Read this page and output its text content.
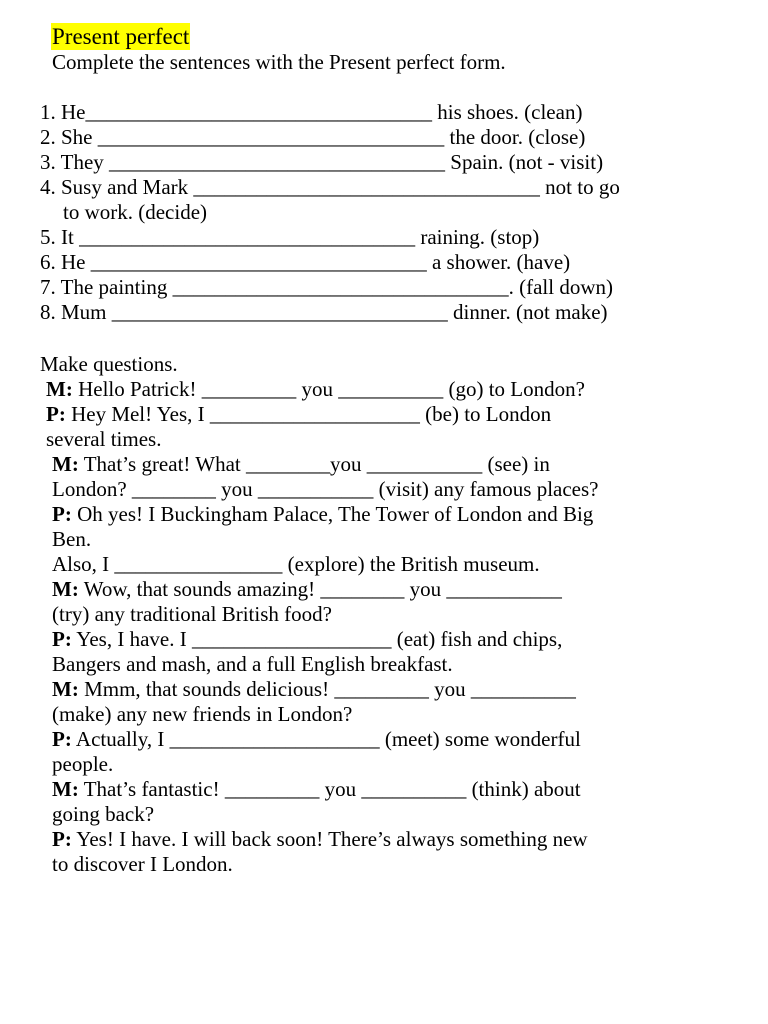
Present perfect
Complete the sentences with the Present perfect form.
1. He_________________________________ his shoes. (clean)
2. She _________________________________ the door. (close)
3. They ________________________________ Spain. (not - visit)
4. Susy and Mark _________________________________ not to go
to work. (decide)
5. It ________________________________ raining. (stop)
6. He ________________________________ a shower. (have)
7. The painting ________________________________. (fall down)
8. Mum ________________________________ dinner. (not make)
Make questions.
M: Hello Patrick! _________ you __________ (go) to London?
P: Hey Mel! Yes, I ____________________ (be) to London
several times.
M: That’s great! What ________you ___________ (see) in
London? ________ you ___________ (visit) any famous places?
P: Oh yes! I Buckingham Palace, The Tower of London and Big
Ben.
Also, I ________________ (explore) the British museum.
M: Wow, that sounds amazing! ________ you ___________
(try) any traditional British food?
P: Yes, I have. I ___________________ (eat) fish and chips,
Bangers and mash, and a full English breakfast.
M: Mmm, that sounds delicious! _________ you __________
(make) any new friends in London?
P: Actually, I ____________________ (meet) some wonderful
people.
M: That’s fantastic! _________ you __________ (think) about
going back?
P: Yes! I have. I will back soon! There’s always something new
to discover I London.
